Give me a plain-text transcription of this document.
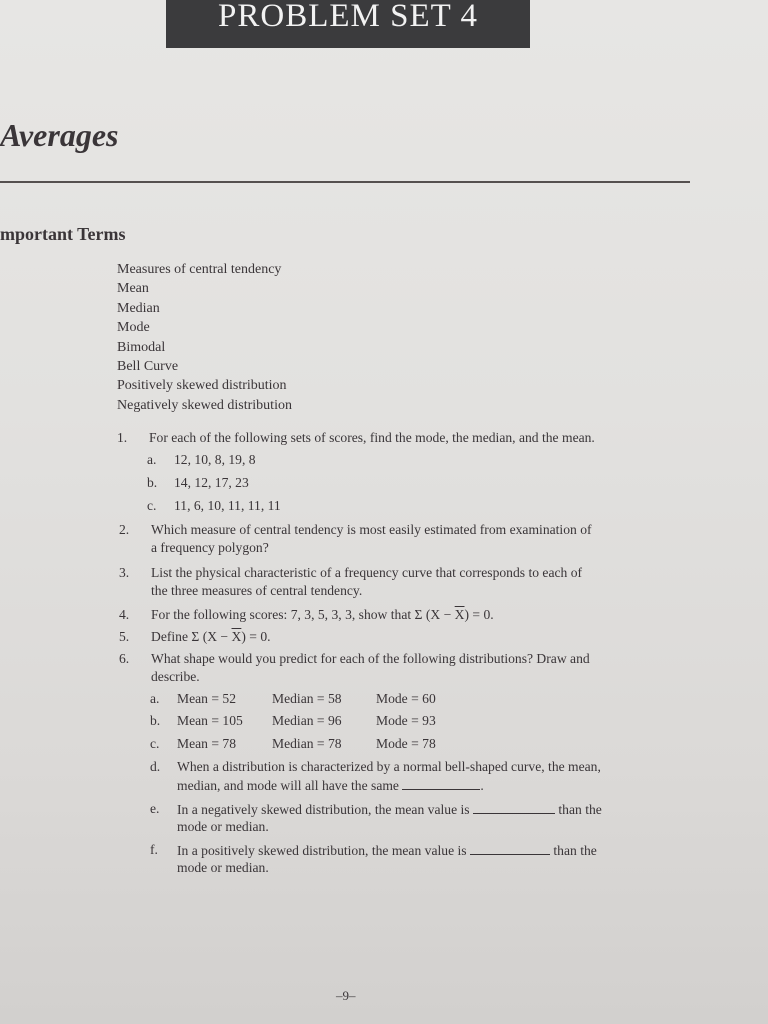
PROBLEM SET 4
Averages
mportant Terms
Measures of central tendency
Mean
Median
Mode
Bimodal
Bell Curve
Positively skewed distribution
Negatively skewed distribution
1. For each of the following sets of scores, find the mode, the median, and the mean.
a. 12, 10, 8, 19, 8
b. 14, 12, 17, 23
c. 11, 6, 10, 11, 11, 11
2. Which measure of central tendency is most easily estimated from examination of
a frequency polygon?
3. List the physical characteristic of a frequency curve that corresponds to each of
the three measures of central tendency.
4. For the following scores: 7, 3, 5, 3, 3, show that Σ $(X - \overline{X}) = 0$.
5. Define Σ $(X - \overline{X}) = 0$.
6. What shape would you predict for each of the following distributions? Draw and
describe.
a. Mean = 52	Median = 58	Mode = 60
b. Mean = 105 Median = 96	Mode = 93
c. Mean = 78	Median = 78	Mode = 78
d. When a distribution is characterized by a normal bell-shaped curve, the mean,
median, and mode will all have the same	.
e. In a negatively skewed distribution, the mean value is	than the
mode or median.
f. In a positively skewed distribution, the mean value is	than the
mode or median.
–9–
